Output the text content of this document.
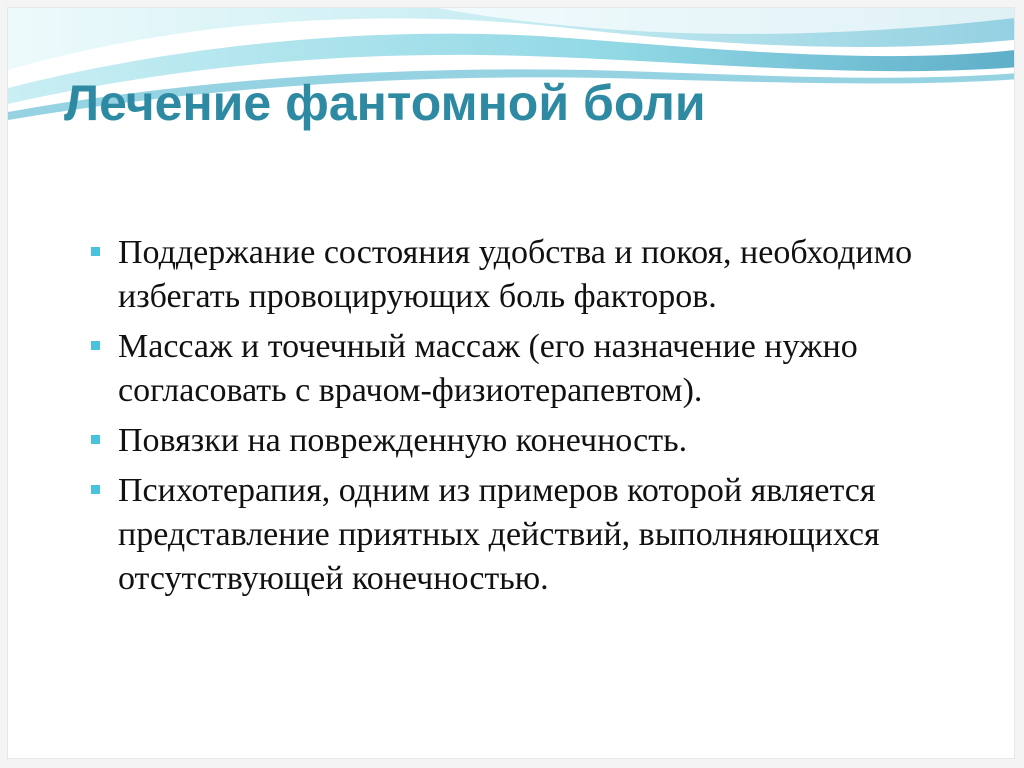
Лечение фантомной боли
Поддержание состояния удобства и покоя, необходимо избегать провоцирующих боль факторов.
Массаж и точечный массаж (его назначение нужно согласовать с врачом-физиотерапевтом).
Повязки на поврежденную конечность.
Психотерапия, одним из примеров которой является представление приятных действий, выполняющихся отсутствующей конечностью.
